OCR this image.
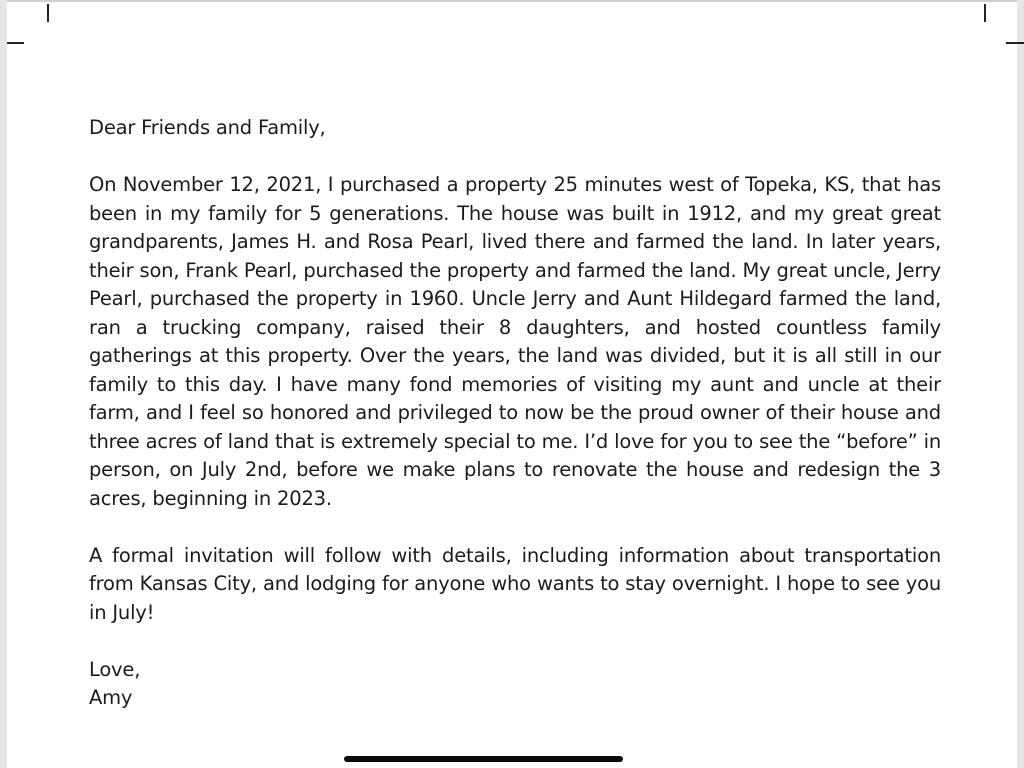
Dear Friends and Family,

On November 12, 2021, I purchased a property 25 minutes west of Topeka, KS, that has been in my family for 5 generations. The house was built in 1912, and my great great grandparents, James H. and Rosa Pearl, lived there and farmed the land. In later years, their son, Frank Pearl, purchased the property and farmed the land. My great uncle, Jerry Pearl, purchased the property in 1960. Uncle Jerry and Aunt Hildegard farmed the land, ran a trucking company, raised their 8 daughters, and hosted countless family gatherings at this property. Over the years, the land was divided, but it is all still in our family to this day. I have many fond memories of visiting my aunt and uncle at their farm, and I feel so honored and privileged to now be the proud owner of their house and three acres of land that is extremely special to me. I’d love for you to see the “before” in person, on July 2nd, before we make plans to renovate the house and redesign the 3 acres, beginning in 2023.

A formal invitation will follow with details, including information about transportation from Kansas City, and lodging for anyone who wants to stay overnight. I hope to see you in July!

Love,
Amy
